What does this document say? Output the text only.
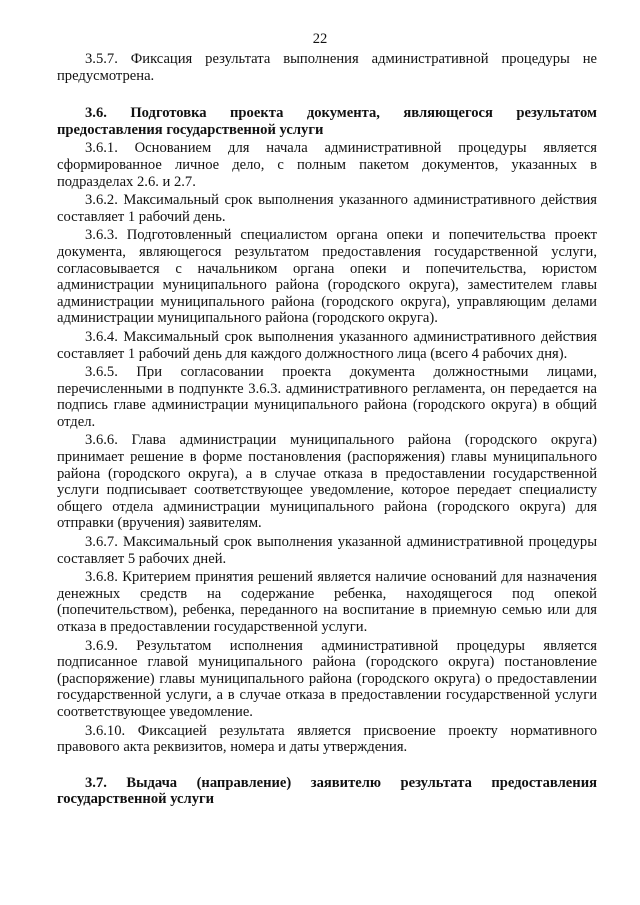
22

3.5.7. Фиксация результата выполнения административной процедуры не предусмотрена.

3.6. Подготовка проекта документа, являющегося результатом предоставления государственной услуги

3.6.1. Основанием для начала административной процедуры является сформированное личное дело, с полным пакетом документов, указанных в подразделах 2.6. и 2.7.

3.6.2. Максимальный срок выполнения указанного административного действия составляет 1 рабочий день.

3.6.3. Подготовленный специалистом органа опеки и попечительства проект документа, являющегося результатом предоставления государственной услуги, согласовывается с начальником органа опеки и попечительства, юристом администрации муниципального района (городского округа), заместителем главы администрации муниципального района (городского округа), управляющим делами администрации муниципального района (городского округа).

3.6.4. Максимальный срок выполнения указанного административного действия составляет 1 рабочий день для каждого должностного лица (всего 4 рабочих дня).

3.6.5. При согласовании проекта документа должностными лицами, перечисленными в подпункте 3.6.3. административного регламента, он передается на подпись главе администрации муниципального района (городского округа) в общий отдел.

3.6.6. Глава администрации муниципального района (городского округа) принимает решение в форме постановления (распоряжения) главы муниципального района (городского округа), а в случае отказа в предоставлении государственной услуги подписывает соответствующее уведомление, которое передает специалисту общего отдела администрации муниципального района (городского округа) для отправки (вручения) заявителям.

3.6.7. Максимальный срок выполнения указанной административной процедуры составляет 5 рабочих дней.

3.6.8. Критерием принятия решений является наличие оснований для назначения денежных средств на содержание ребенка, находящегося под опекой (попечительством), ребенка, переданного на воспитание в приемную семью или для отказа в предоставлении государственной услуги.

3.6.9. Результатом исполнения административной процедуры является подписанное главой муниципального района (городского округа) постановление (распоряжение) главы муниципального района (городского округа) о предоставлении государственной услуги, а в случае отказа в предоставлении государственной услуги соответствующее уведомление.

3.6.10. Фиксацией результата является присвоение проекту нормативного правового акта реквизитов, номера и даты утверждения.

3.7. Выдача (направление) заявителю результата предоставления государственной услуги
